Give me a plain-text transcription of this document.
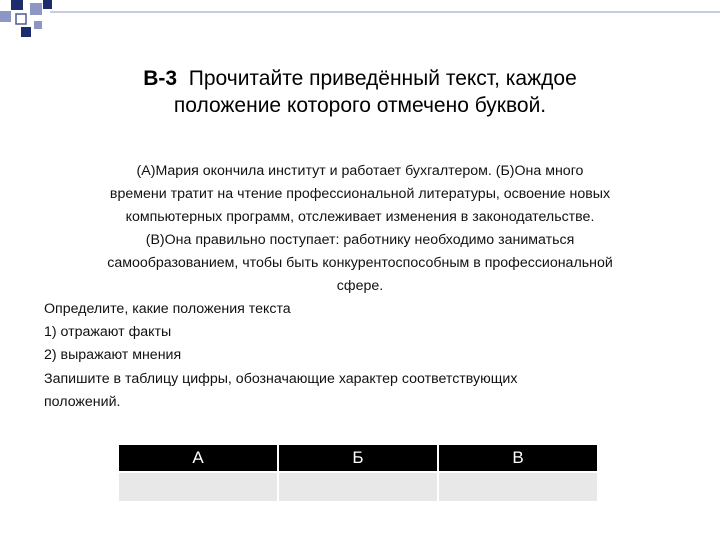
В-3  Прочитайте приведённый текст, каждое
положение которого отмечено буквой.
(А)Мария окончила институт и работает бухгалтером. (Б)Она много
времени тратит на чтение профессиональной литературы, освоение новых
компьютерных программ, отслеживает изменения в законодательстве.
(В)Она правильно поступает: работнику необходимо заниматься
самообразованием, чтобы быть конкурентоспособным в профессиональной
сфере.
Определите, какие положения текста
1) отражают факты
2) выражают мнения
Запишите в таблицу цифры, обозначающие характер соответствующих
положений.
А	Б	В
